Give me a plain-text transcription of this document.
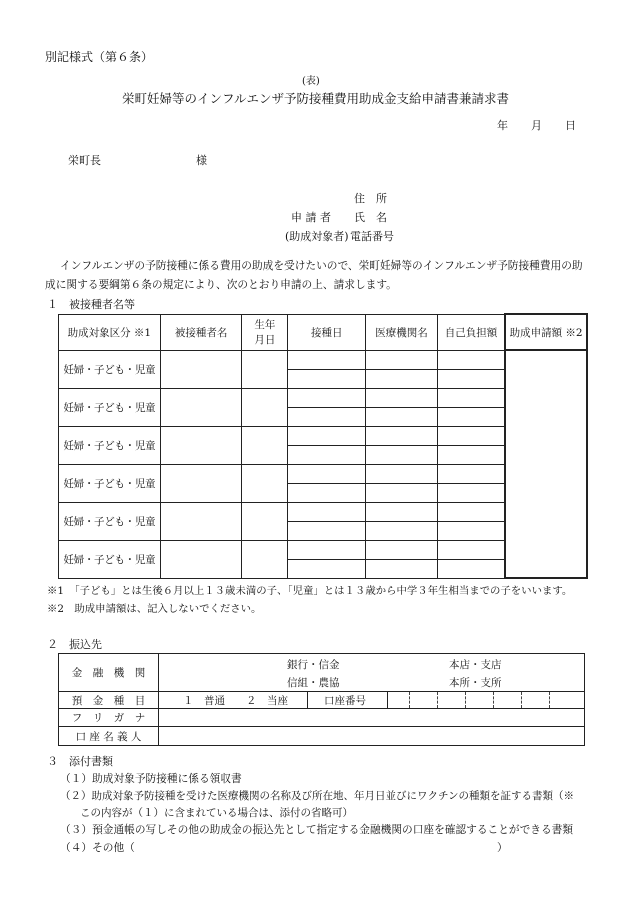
別記様式（第６条）
(表)
栄町妊婦等のインフルエンザ予防接種費用助成金支給申請書兼請求書
年 月 日
栄町長	様
住　所
申 請 者 氏　名
(助成対象者) 電話番号
インフルエンザの予防接種に係る費用の助成を受けたいので、栄町妊婦等のインフルエンザ予防接種費用の助
成に関する要綱第６条の規定により、次のとおり申請の上、請求します。
１　被接種者名等
助成対象区分 ※1	被接種者名	生年
月日	接種日	医療機関名	自己負担額	助成申請額 ※2
妊婦・子ども・児童						

妊婦・子ども・児童						

妊婦・子ども・児童						

妊婦・子ども・児童						

妊婦・子ども・児童						

妊婦・子ども・児童						

※1　「子ども」とは生後６月以上１３歳未満の子、「児童」とは１３歳から中学３年生相当までの子をいいます。
※2　助成申請額は、記入しないでください。
２　振込先
金　融　機　関	銀行・信金
信組・農協
本店・支店
本所・支所

預　金　種　目	１　普通　　２　当座 口座番号

フ　リ　ガ　ナ	
口 座 名 義 人	
３　添付書類
（１）助成対象予防接種に係る領収書
（２）助成対象予防接種を受けた医療機関の名称及び所在地、年月日並びにワクチンの種類を証する書類（※
この内容が（１）に含まれている場合は、添付の省略可）
（３）預金通帳の写しその他の助成金の振込先として指定する金融機関の口座を確認することができる書類
（４）その他（	）
